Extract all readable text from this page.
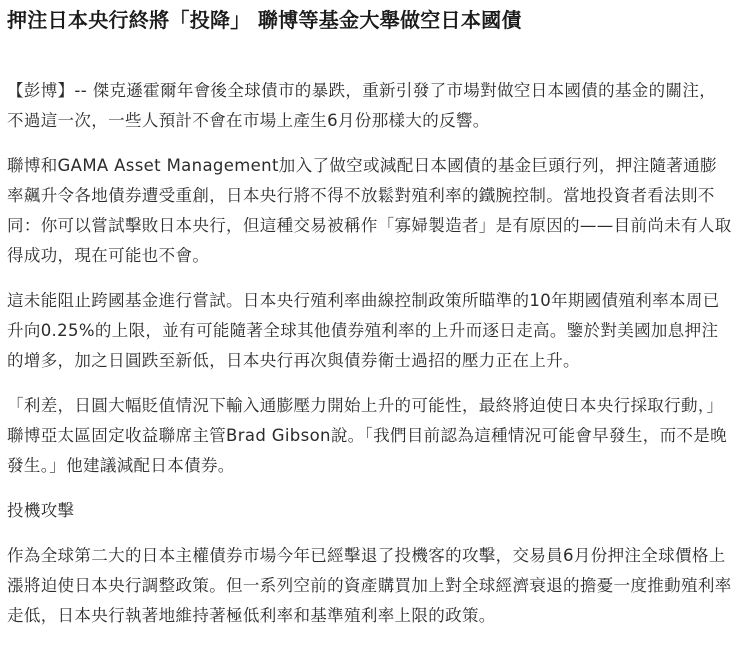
押注日本央行終將「投降」 聯博等基金大舉做空日本國債

【彭博】-- 傑克遜霍爾年會後全球債市的暴跌，重新引發了市場對做空日本國債的基金的關注，不過這一次，一些人預計不會在市場上產生6月份那樣大的反響。

聯博和GAMA Asset Management加入了做空或減配日本國債的基金巨頭行列，押注隨著通膨率飆升令各地債券遭受重創，日本央行將不得不放鬆對殖利率的鐵腕控制。當地投資者看法則不同：你可以嘗試擊敗日本央行，但這種交易被稱作「寡婦製造者」是有原因的——目前尚未有人取得成功，現在可能也不會。

這未能阻止跨國基金進行嘗試。日本央行殖利率曲線控制政策所瞄準的10年期國債殖利率本周已升向0.25%的上限，並有可能隨著全球其他債券殖利率的上升而逐日走高。鑒於對美國加息押注的增多，加之日圓跌至新低，日本央行再次與債券衛士過招的壓力正在上升。

「利差，日圓大幅貶值情況下輸入通膨壓力開始上升的可能性，最終將迫使日本央行採取行動，」聯博亞太區固定收益聯席主管Brad Gibson說。「我們目前認為這種情況可能會早發生，而不是晚發生。」他建議減配日本債券。

投機攻擊

作為全球第二大的日本主權債券市場今年已經擊退了投機客的攻擊，交易員6月份押注全球價格上漲將迫使日本央行調整政策。但一系列空前的資產購買加上對全球經濟衰退的擔憂一度推動殖利率走低，日本央行執著地維持著極低利率和基準殖利率上限的政策。
